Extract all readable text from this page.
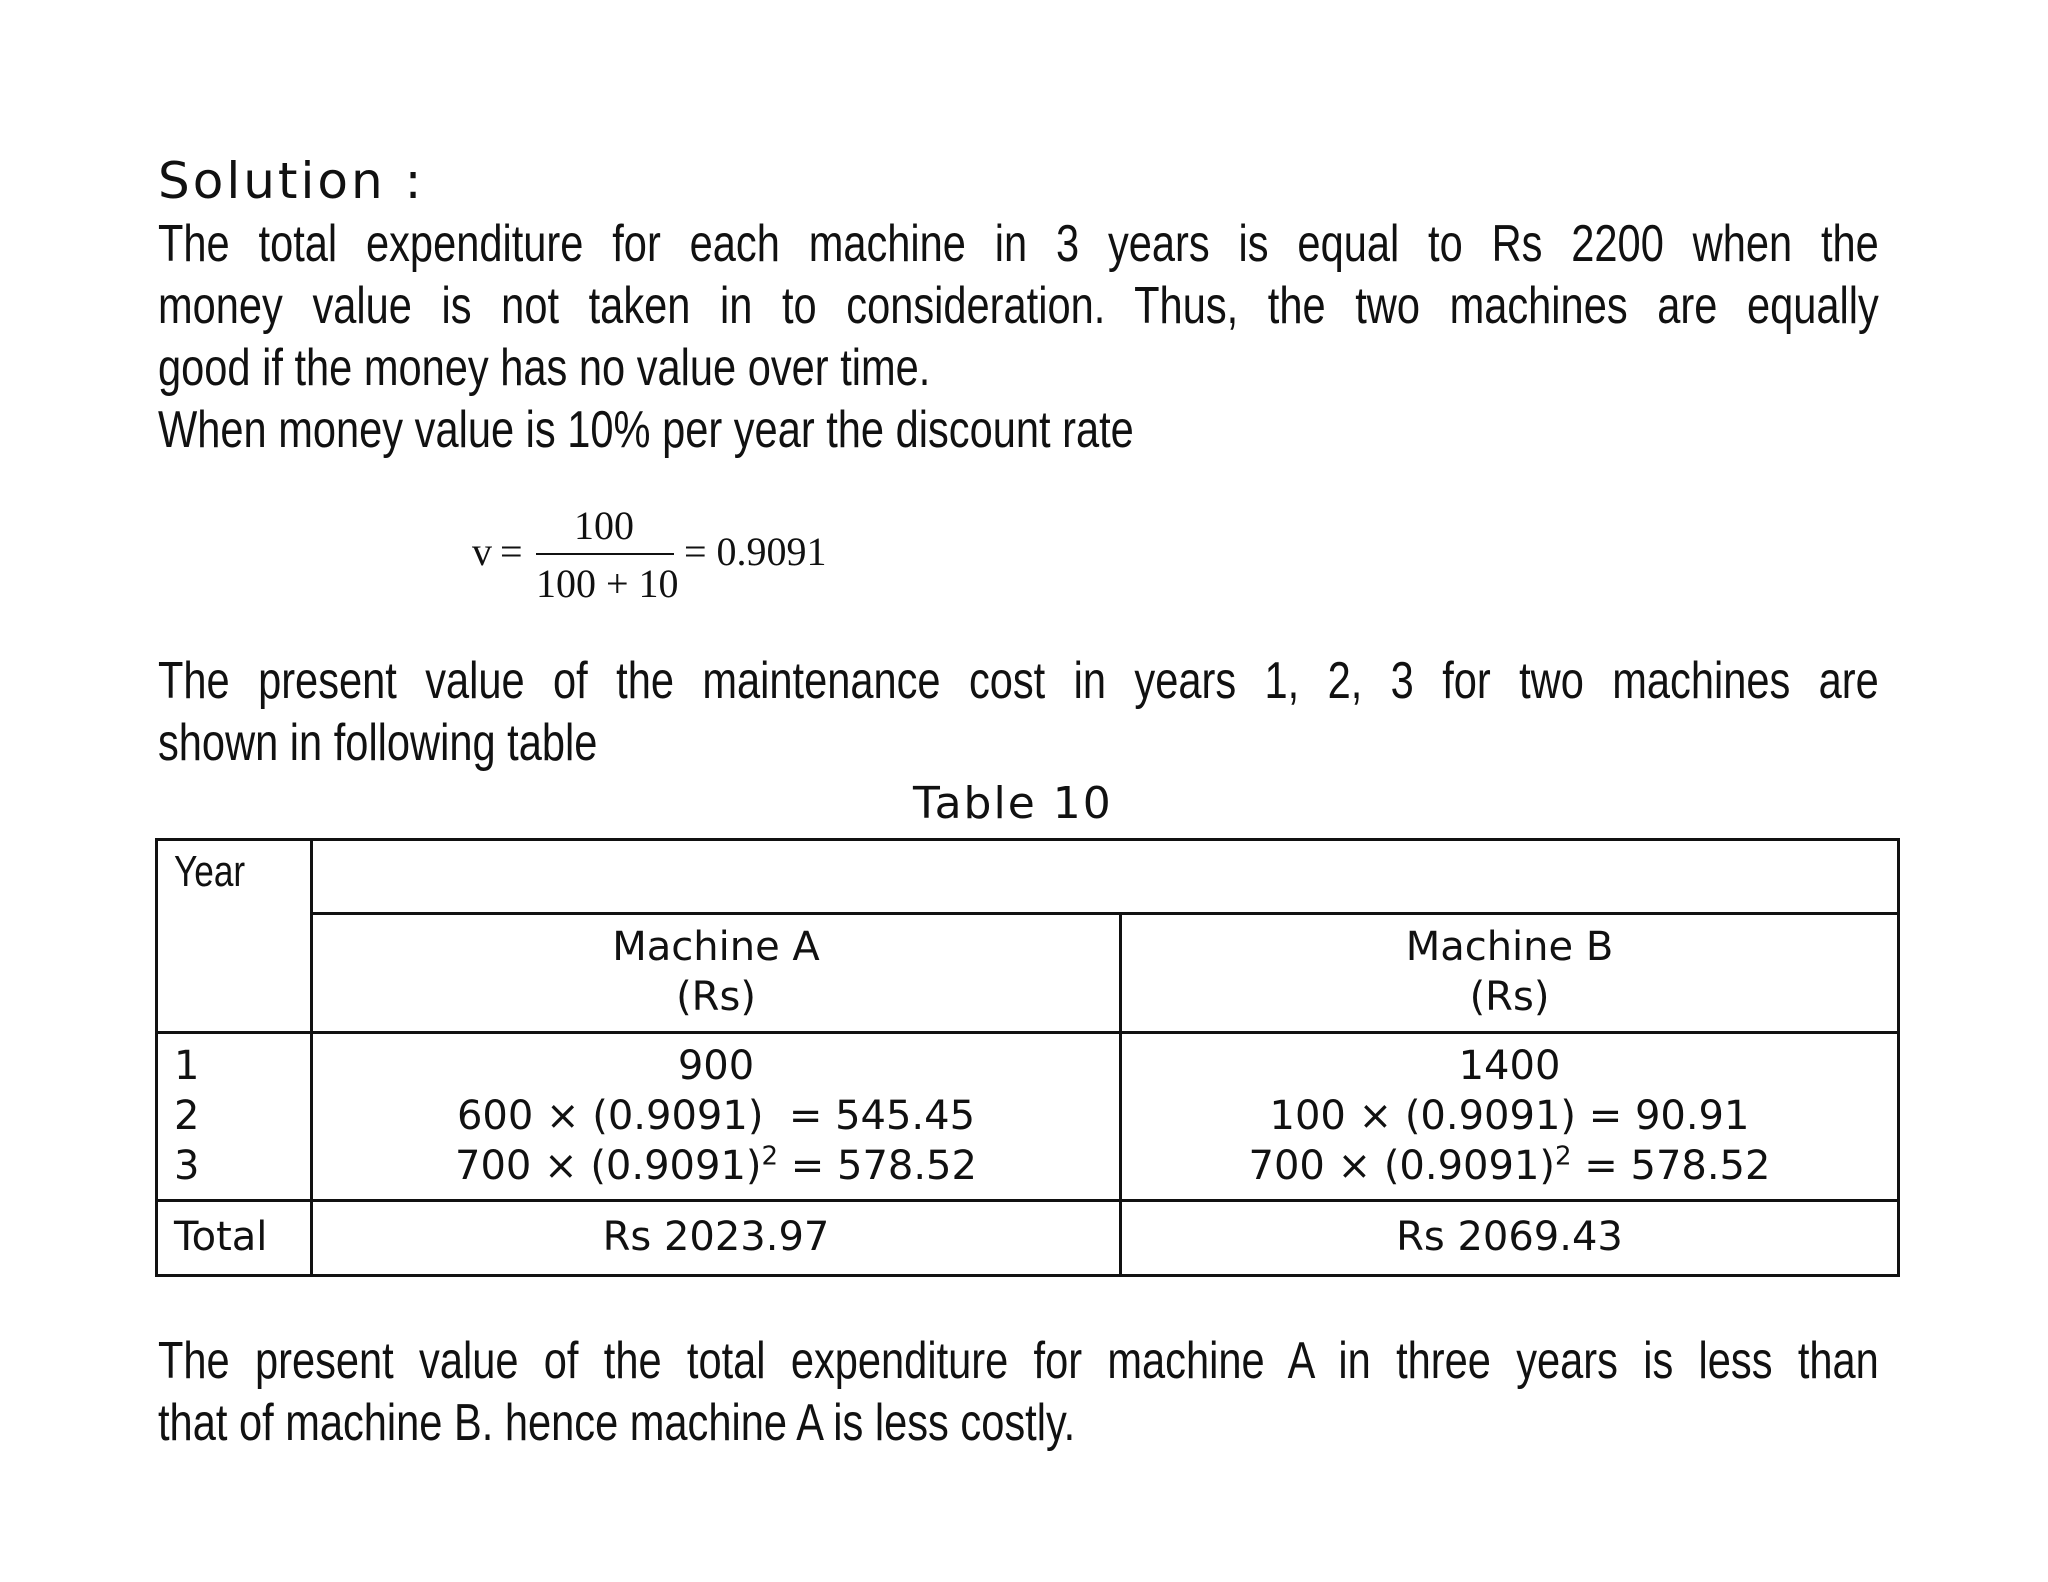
Solution :
The total expenditure for each machine in 3 years is equal to Rs 2200 when the
money value is not taken in to consideration. Thus, the two machines are equally
good if the money has no value over time.
When money value is 10% per year the discount rate
v =
100
100 + 10
= 0.9091
The present value of the maintenance cost in years 1, 2, 3 for two machines are
shown in following table
Table 10
Year
Machine A
(Rs)
Machine B
(Rs)
1
2
3
900
600 × (0.9091)  = 545.45
$700 \times (0.9091)^2 = 578.52$
1400
100 × (0.9091) = 90.91
$700 \times (0.9091)^2 = 578.52$
Total	Rs 2023.97	Rs 2069.43
The present value of the total expenditure for machine A in three years is less than
that of machine B. hence machine A is less costly.
